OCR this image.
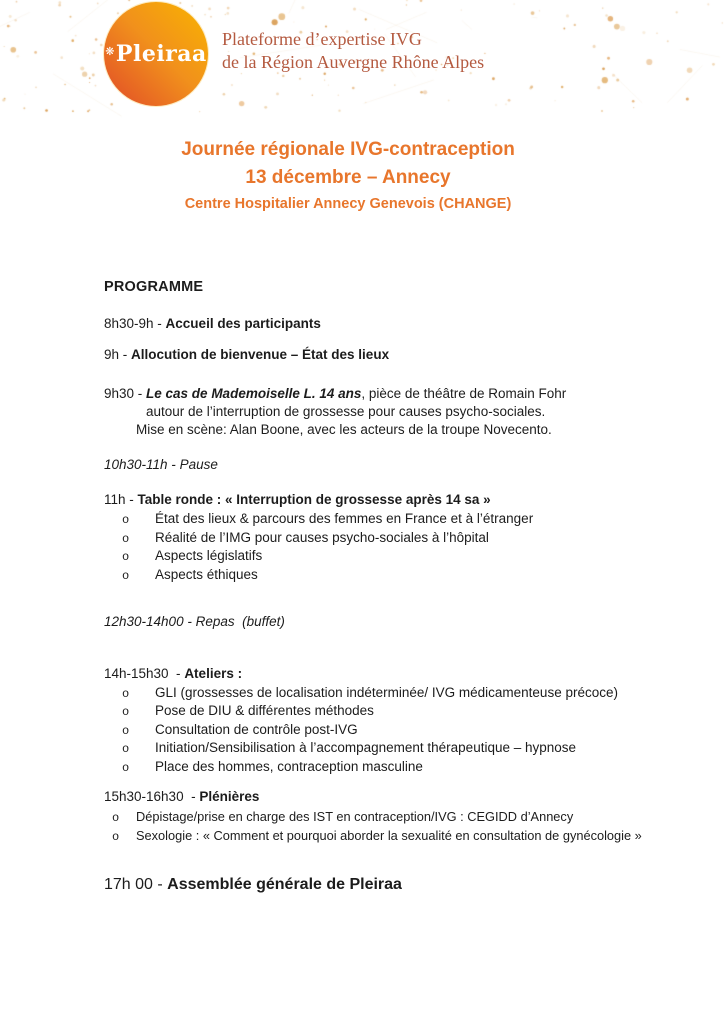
❋Pleiraa
Plateforme d’expertise IVG
de la Région Auvergne Rhône Alpes
Journée régionale IVG-contraception
13 décembre – Annecy
Centre Hospitalier Annecy Genevois (CHANGE)
PROGRAMME
8h30-9h - Accueil des participants
9h - Allocution de bienvenue – État des lieux
9h30 - Le cas de Mademoiselle L. 14 ans, pièce de théâtre de Romain Fohr
autour de l’interruption de grossesse pour causes psycho-sociales.
Mise en scène: Alan Boone, avec les acteurs de la troupe Novecento.
10h30-11h - Pause
11h - Table ronde : « Interruption de grossesse après 14 sa »
o État des lieux & parcours des femmes en France et à l’étranger
o Réalité de l’IMG pour causes psycho-sociales à l’hôpital
o Aspects législatifs
o Aspects éthiques
12h30-14h00 - Repas  (buffet)
14h-15h30  - Ateliers :
o GLI (grossesses de localisation indéterminée/ IVG médicamenteuse précoce)
o Pose de DIU & différentes méthodes
o Consultation de contrôle post-IVG
o Initiation/Sensibilisation à l’accompagnement thérapeutique – hypnose
o Place des hommes, contraception masculine
15h30-16h30  - Plénières
o Dépistage/prise en charge des IST en contraception/IVG : CEGIDD d’Annecy
o Sexologie : « Comment et pourquoi aborder la sexualité en consultation de gynécologie »
17h 00 - Assemblée générale de Pleiraa
